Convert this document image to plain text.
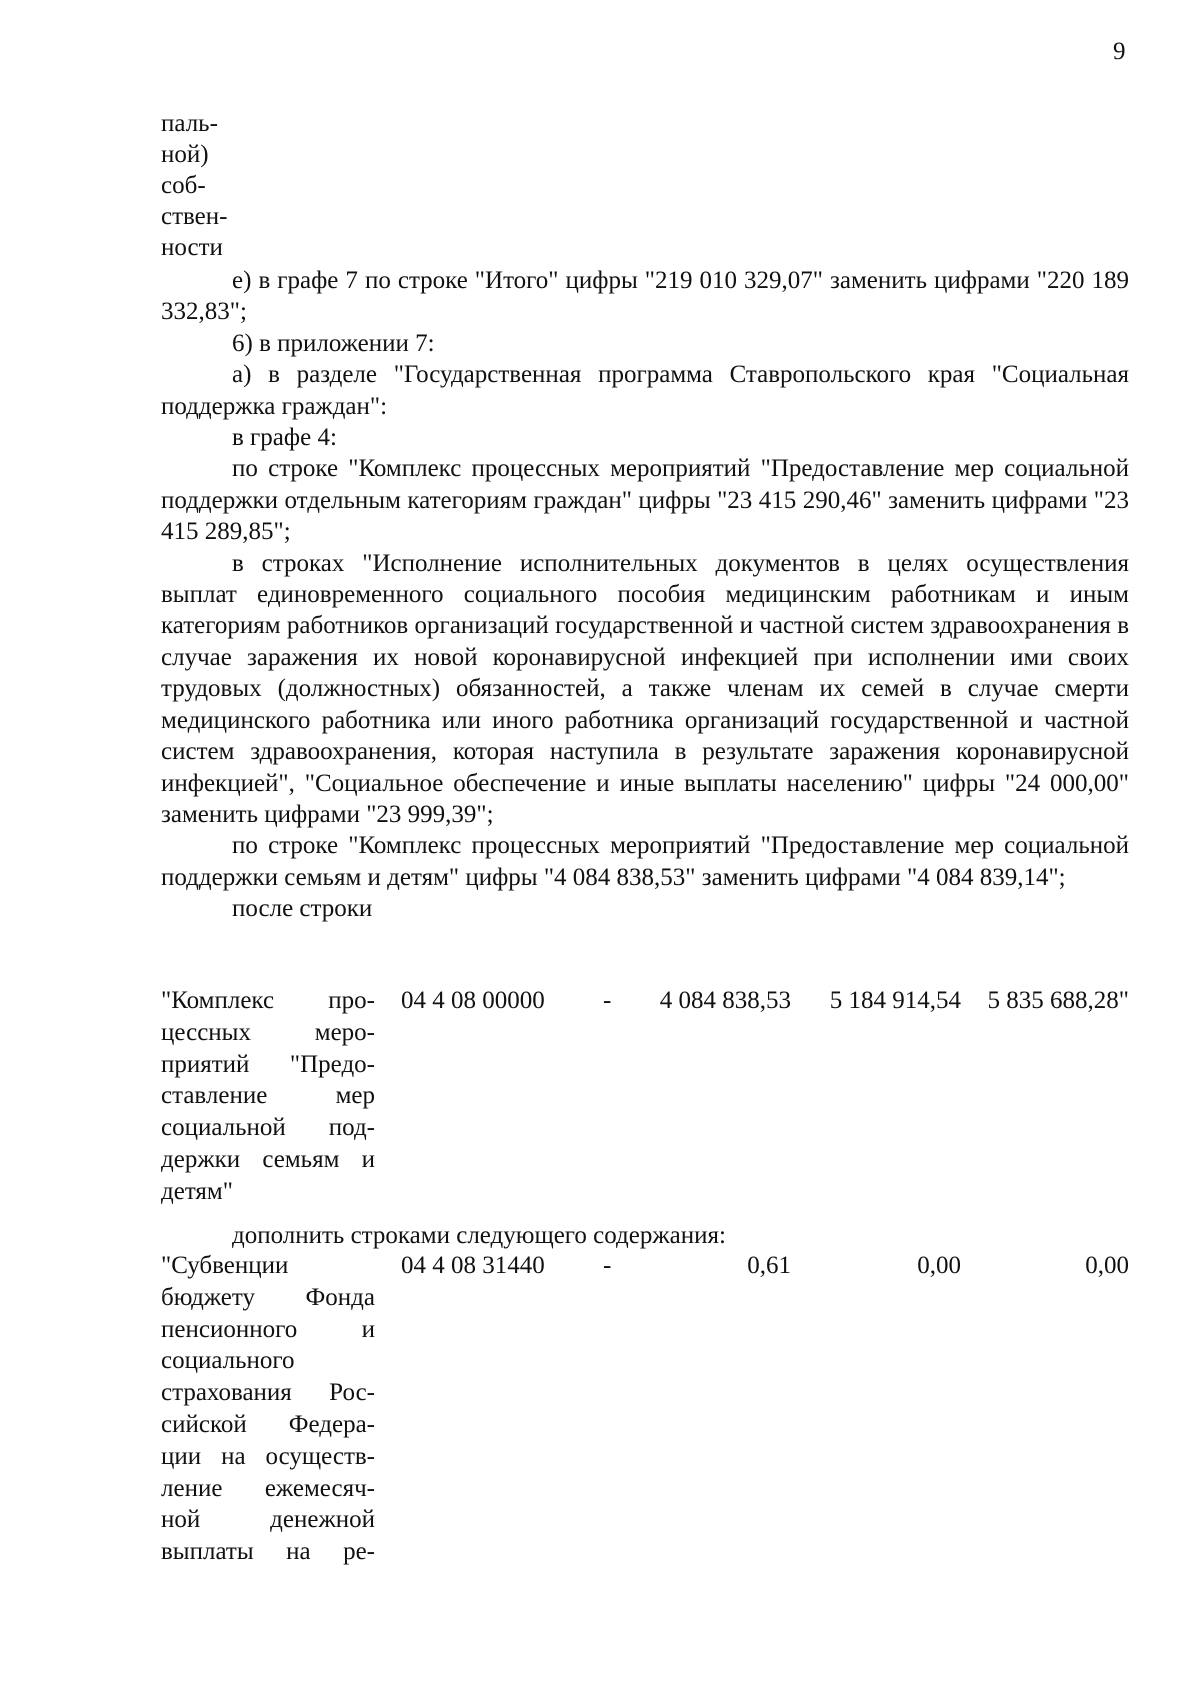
9
паль-
ной)
соб-
ствен-
ности

е) в графе 7 по строке "Итого" цифры "219 010 329,07" заменить цифрами "220 189 332,83";

6) в приложении 7:

а) в разделе "Государственная программа Ставропольского края "Социальная поддержка граждан":

в графе 4:

по строке "Комплекс процессных мероприятий "Предоставление мер социальной поддержки отдельным категориям граждан" цифры "23 415 290,46" заменить цифрами "23 415 289,85";

в строках "Исполнение исполнительных документов в целях осуществления выплат единовременного социального пособия медицинским работникам и иным категориям работников организаций государственной и частной систем здравоохранения в случае заражения их новой коронавирусной инфекцией при исполнении ими своих трудовых (должностных) обязанностей, а также членам их семей в случае смерти медицинского работника или иного работника организаций государственной и частной систем здравоохранения, которая наступила в результате заражения коронавирусной инфекцией", "Социальное обеспечение и иные выплаты населению" цифры "24 000,00" заменить цифрами "23 999,39";

по строке "Комплекс процессных мероприятий "Предоставление мер социальной поддержки семьям и детям" цифры "4 084 838,53" заменить цифрами "4 084 839,14";

после строки

"Комплекс про-
цессных меро-
приятий "Предо-
ставление мер
социальной под-
держки семьям и
детям"
04 4 08 00000 -	4 084 838,53	5 184 914,54	5 835 688,28"
дополнить строками следующего содержания:
"Субвенции
бюджету Фонда
пенсионного и
социального
страхования Рос-
сийской Федера-
ции на осуществ-
ление ежемесяч-
ной денежной
выплаты на ре-
04 4 08 31440 -	0,61	0,00	0,00
